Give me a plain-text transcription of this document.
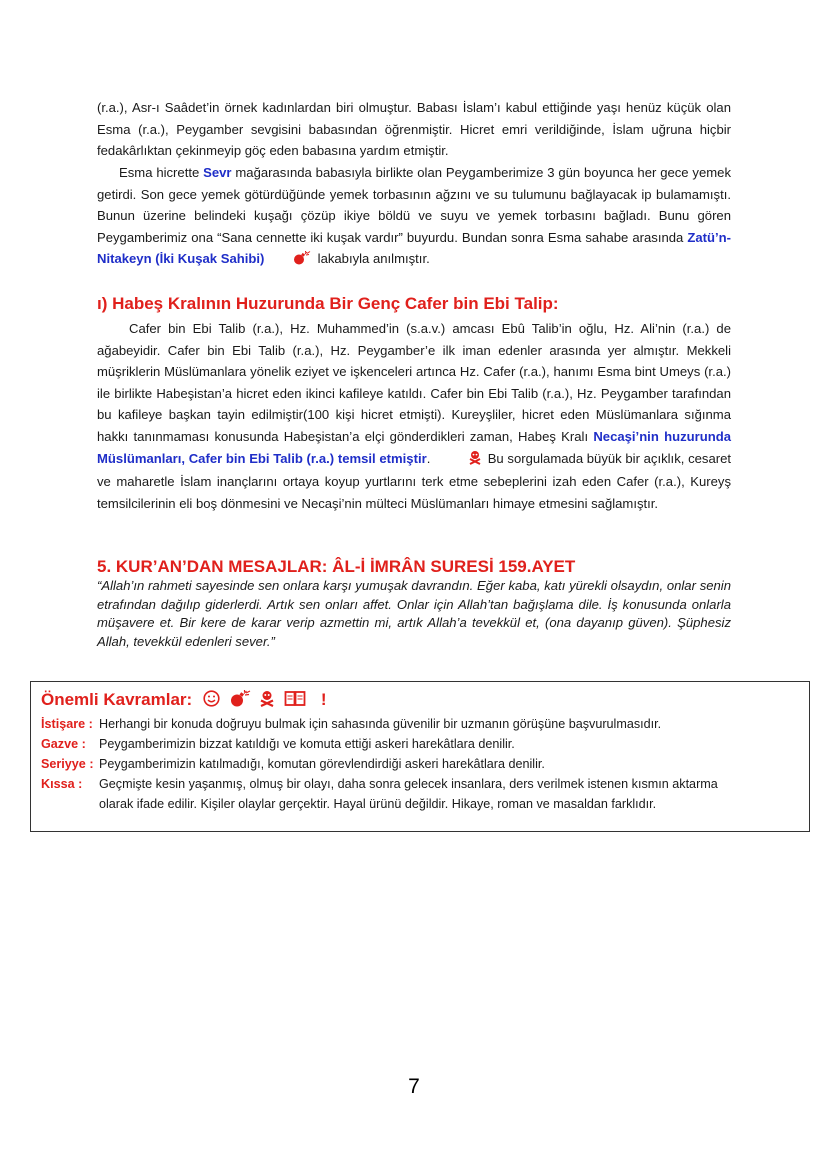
(r.a.), Asr-ı Saâdet’in örnek kadınlardan biri olmuştur. Babası İslam’ı kabul ettiğinde yaşı henüz küçük olan Esma (r.a.), Peygamber sevgisini babasından öğrenmiştir. Hicret emri verildiğinde, İslam uğruna hiçbir fedakârlıktan çekinmeyip göç eden babasına yardım etmiştir.

Esma hicrette Sevr mağarasında babasıyla birlikte olan Peygamberimize 3 gün boyunca her gece yemek getirdi. Son gece yemek götürdüğünde yemek torbasının ağzını ve su tulumunu bağlayacak ip bulamamıştı. Bunun üzerine belindeki kuşağı çözüp ikiye böldü ve suyu ve yemek torbasını bağladı. Bunu gören Peygamberimiz ona “Sana cennette iki kuşak vardır” buyurdu. Bundan sonra Esma sahabe arasında Zatü’n-Nitakeyn (İki Kuşak Sahibi)	lakabıyla anılmıştır.

ı) Habeş Kralının Huzurunda Bir Genç Cafer bin Ebi Talip:

Cafer bin Ebi Talib (r.a.), Hz. Muhammed’in (s.a.v.) amcası Ebû Talib’in oğlu, Hz. Ali’nin (r.a.) de ağabeyidir. Cafer bin Ebi Talib (r.a.), Hz. Peygamber’e ilk iman edenler arasında yer almıştır. Mekkeli müşriklerin Müslümanlara yönelik eziyet ve işkenceleri artınca Hz. Cafer (r.a.), hanımı Esma bint Umeys (r.a.) ile birlikte Habeşistan’a hicret eden ikinci kafileye katıldı. Cafer bin Ebi Talib (r.a.), Hz. Peygamber tarafından bu kafileye başkan tayin edilmiştir(100 kişi hicret etmişti). Kureyşliler, hicret eden Müslümanlara sığınma hakkı tanınmaması konusunda Habeşistan’a elçi gönderdikleri zaman, Habeş Kralı Necaşi’nin huzurunda Müslümanları, Cafer bin Ebi Talib (r.a.) temsil etmiştir.	Bu sorgulamada büyük bir açıklık, cesaret ve maharetle İslam inançlarını ortaya koyup yurtlarını terk etme sebeplerini izah eden Cafer (r.a.), Kureyş temsilcilerinin eli boş dönmesini ve Necaşi’nin mülteci Müslümanları himaye etmesini sağlamıştır.

5. KUR’AN’DAN MESAJLAR: ÂL-İ İMRÂN SURESİ 159.AYET

“Allah’ın rahmeti sayesinde sen onlara karşı yumuşak davrandın. Eğer kaba, katı yürekli olsaydın, onlar senin etrafından dağılıp giderlerdi. Artık sen onları affet. Onlar için Allah’tan bağışlama dile. İş konusunda onlarla müşavere et. Bir kere de karar verip azmettin mi, artık Allah’a tevekkül et, (ona dayanıp güven). Şüphesiz Allah, tevekkül edenleri sever.”

Önemli Kavramlar:	!
İstişare : Herhangi bir konuda doğruyu bulmak için sahasında güvenilir bir uzmanın görüşüne başvurulmasıdır.
Gazve : Peygamberimizin bizzat katıldığı ve komuta ettiği askeri harekâtlara denilir.
Seriyye : Peygamberimizin katılmadığı, komutan görevlendirdiği askeri harekâtlara denilir.
Kıssa : Geçmişte kesin yaşanmış, olmuş bir olayı, daha sonra gelecek insanlara, ders verilmek istenen kısmın aktarma
olarak ifade edilir. Kişiler olaylar gerçektir. Hayal ürünü değildir. Hikaye, roman ve masaldan farklıdır.
7
